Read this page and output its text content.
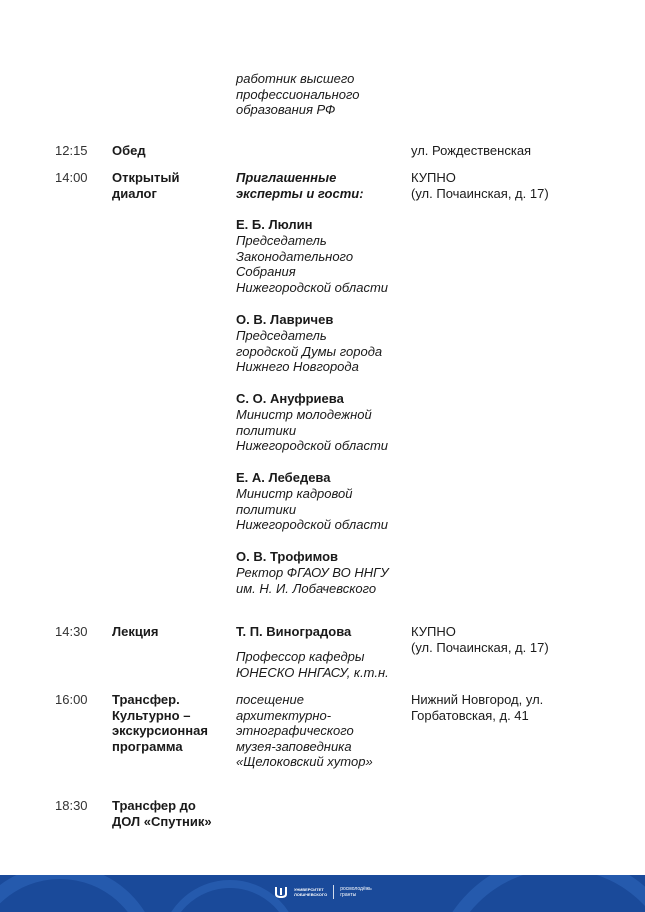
работник высшего
профессионального
образования РФ
12:15 Обед	ул. Рождественская
14:00 Открытый
диалог
Приглашенные
эксперты и гости:
КУПНО
(ул. Почаинская, д. 17)
Е. Б. Люлин
Председатель
Законодательного
Собрания
Нижегородской области
О. В. Лавричев
Председатель
городской Думы города
Нижнего Новгорода
С. О. Ануфриева
Министр молодежной
политики
Нижегородской области
Е. А. Лебедева
Министр кадровой
политики
Нижегородской области
О. В. Трофимов
Ректор ФГАОУ ВО ННГУ
им. Н. И. Лобачевского
14:30 Лекция	Т. П. Виноградова
Профессор кафедры
ЮНЕСКО ННГАСУ, к.т.н.
КУПНО
(ул. Почаинская, д. 17)
16:00 Трансфер.
Культурно –
экскурсионная
программа
посещение
архитектурно-
этнографического
музея-заповедника
«Щелоковский хутор»
Нижний Новгород, ул.
Горбатовская, д. 41
18:30 Трансфер до
ДОЛ «Спутник»
УНИВЕРСИТЕТ
ЛОБАЧЕВСКОГО
росмолодёжь
гранты
